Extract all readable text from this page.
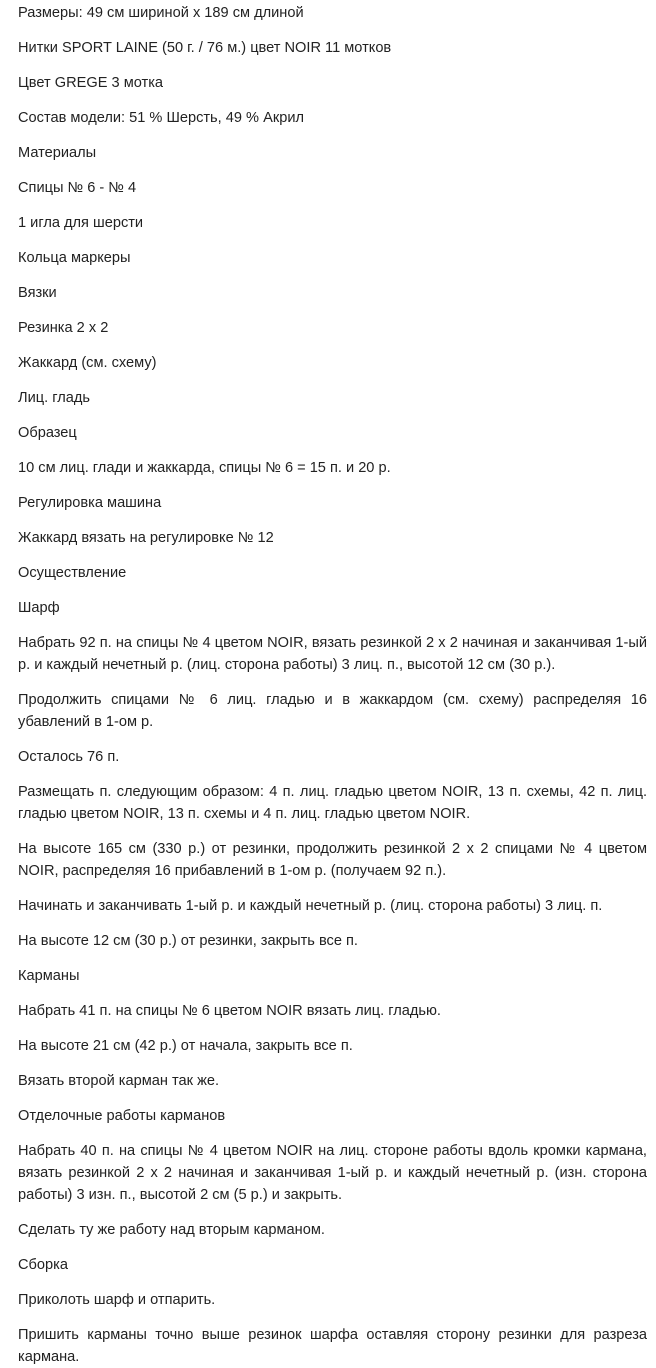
Размеры: 49 см шириной х 189 см длиной

Нитки SPORT LAINE (50 г. / 76 м.) цвет NOIR 11 мотков

Цвет GREGE 3 мотка

Состав модели: 51 % Шерсть, 49 % Акрил

Материалы

Спицы № 6 - № 4

1 игла для шерсти

Кольца маркеры

Вязки

Резинка 2 х 2

Жаккард (см. схему)

Лиц. гладь

Образец

10 см лиц. глади и жаккарда, спицы № 6 = 15 п. и 20 р.

Регулировка машина

Жаккард вязать на регулировке № 12

Осуществление

Шарф

Набрать 92 п. на спицы № 4 цветом NOIR, вязать резинкой 2 х 2 начиная и заканчивая 1-ый р. и каждый нечетный р. (лиц. сторона работы) 3 лиц. п., высотой 12 см (30 р.).

Продолжить спицами № 6 лиц. гладью и в жаккардом (см. схему) распределяя 16 убавлений в 1-ом р.

Осталось 76 п.

Размещать п. следующим образом: 4 п. лиц. гладью цветом NOIR, 13 п. схемы, 42 п. лиц. гладью цветом NOIR, 13 п. схемы и 4 п. лиц. гладью цветом NOIR.

На высоте 165 см (330 р.) от резинки, продолжить резинкой 2 х 2 спицами № 4 цветом NOIR, распределяя 16 прибавлений в 1-ом р. (получаем 92 п.).

Начинать и заканчивать 1-ый р. и каждый нечетный р. (лиц. сторона работы) 3 лиц. п.

На высоте 12 см (30 р.) от резинки, закрыть все п.

Карманы

Набрать 41 п. на спицы № 6 цветом NOIR вязать лиц. гладью.

На высоте 21 см (42 р.) от начала, закрыть все п.

Вязать второй карман так же.

Отделочные работы карманов

Набрать 40 п. на спицы № 4 цветом NOIR на лиц. стороне работы вдоль кромки кармана, вязать резинкой 2 х 2 начиная и заканчивая 1-ый р. и каждый нечетный р. (изн. сторона работы) 3 изн. п., высотой 2 см (5 р.) и закрыть.

Сделать ту же работу над вторым карманом.

Сборка

Приколоть шарф и отпарить.

Пришить карманы точно выше резинок шарфа оставляя сторону резинки для разреза кармана.
